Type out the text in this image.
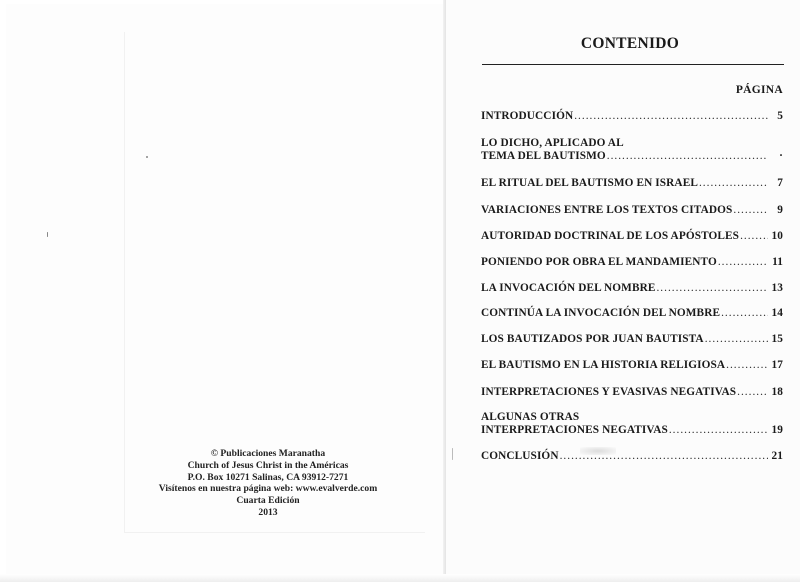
© Publicaciones Maranatha
Church of Jesus Christ in the Américas
P.O. Box 10271 Salinas, CA 93912-7271
Visítenos en nuestra página web: www.evalverde.com
Cuarta Edición
2013
CONTENIDO
PÁGINA
INTRODUCCIÓN .....	5
LO DICHO, APLICADO AL
TEMA DEL BAUTISMO .....	·
EL RITUAL DEL BAUTISMO EN ISRAEL .....	7
VARIACIONES ENTRE LOS TEXTOS CITADOS .....	9
AUTORIDAD DOCTRINAL DE LOS APÓSTOLES .....	10
PONIENDO POR OBRA EL MANDAMIENTO .....	11
LA INVOCACIÓN DEL NOMBRE .....	13
CONTINÚA LA INVOCACIÓN DEL NOMBRE .....	14
LOS BAUTIZADOS POR JUAN BAUTISTA .....	15
EL BAUTISMO EN LA HISTORIA RELIGIOSA .....	17
INTERPRETACIONES Y EVASIVAS NEGATIVAS .....	18
ALGUNAS OTRAS
INTERPRETACIONES NEGATIVAS .....	19
CONCLUSIÓN .....	21
